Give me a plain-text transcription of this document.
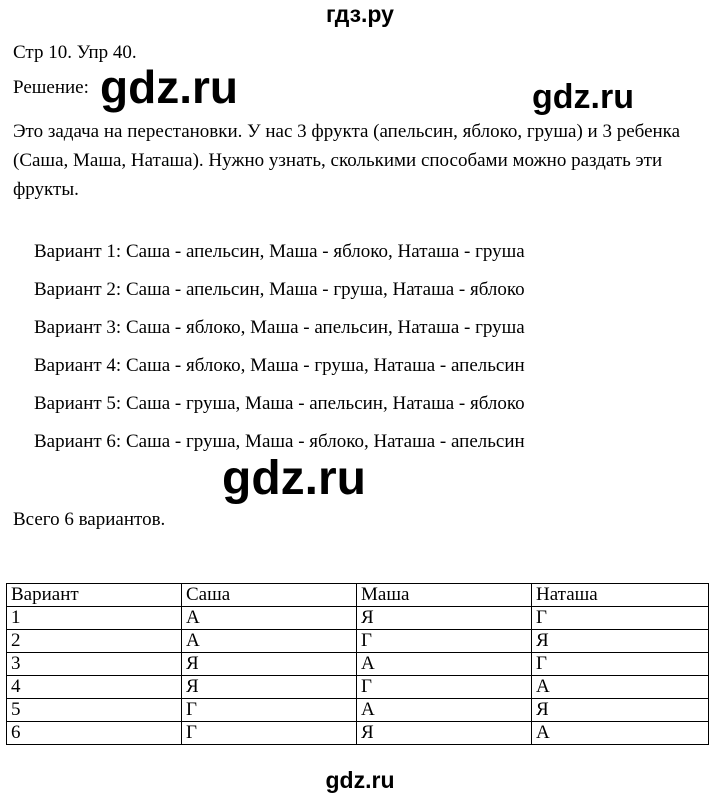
гдз.ру
Стр 10. Упр 40.
Решение: gdz.ru	gdz.ru
Это задача на перестановки. У нас 3 фрукта (апельсин, яблоко, груша) и 3 ребенка (Саша, Маша, Наташа). Нужно узнать, сколькими способами можно раздать эти фрукты.
Вариант 1: Саша - апельсин, Маша - яблоко, Наташа - груша
Вариант 2: Саша - апельсин, Маша - груша, Наташа - яблоко
Вариант 3: Саша - яблоко, Маша - апельсин, Наташа - груша
Вариант 4: Саша - яблоко, Маша - груша, Наташа - апельсин
Вариант 5: Саша - груша, Маша - апельсин, Наташа - яблоко
Вариант 6: Саша - груша, Маша - яблоко, Наташа - апельсин
gdz.ru
Всего 6 вариантов.
Вариант	Саша	Маша	Наташа
1	А	Я	Г
2	А	Г	Я
3	Я	А	Г
4	Я	Г	А
5	Г	А	Я
6	Г	Я	А
gdz.ru
